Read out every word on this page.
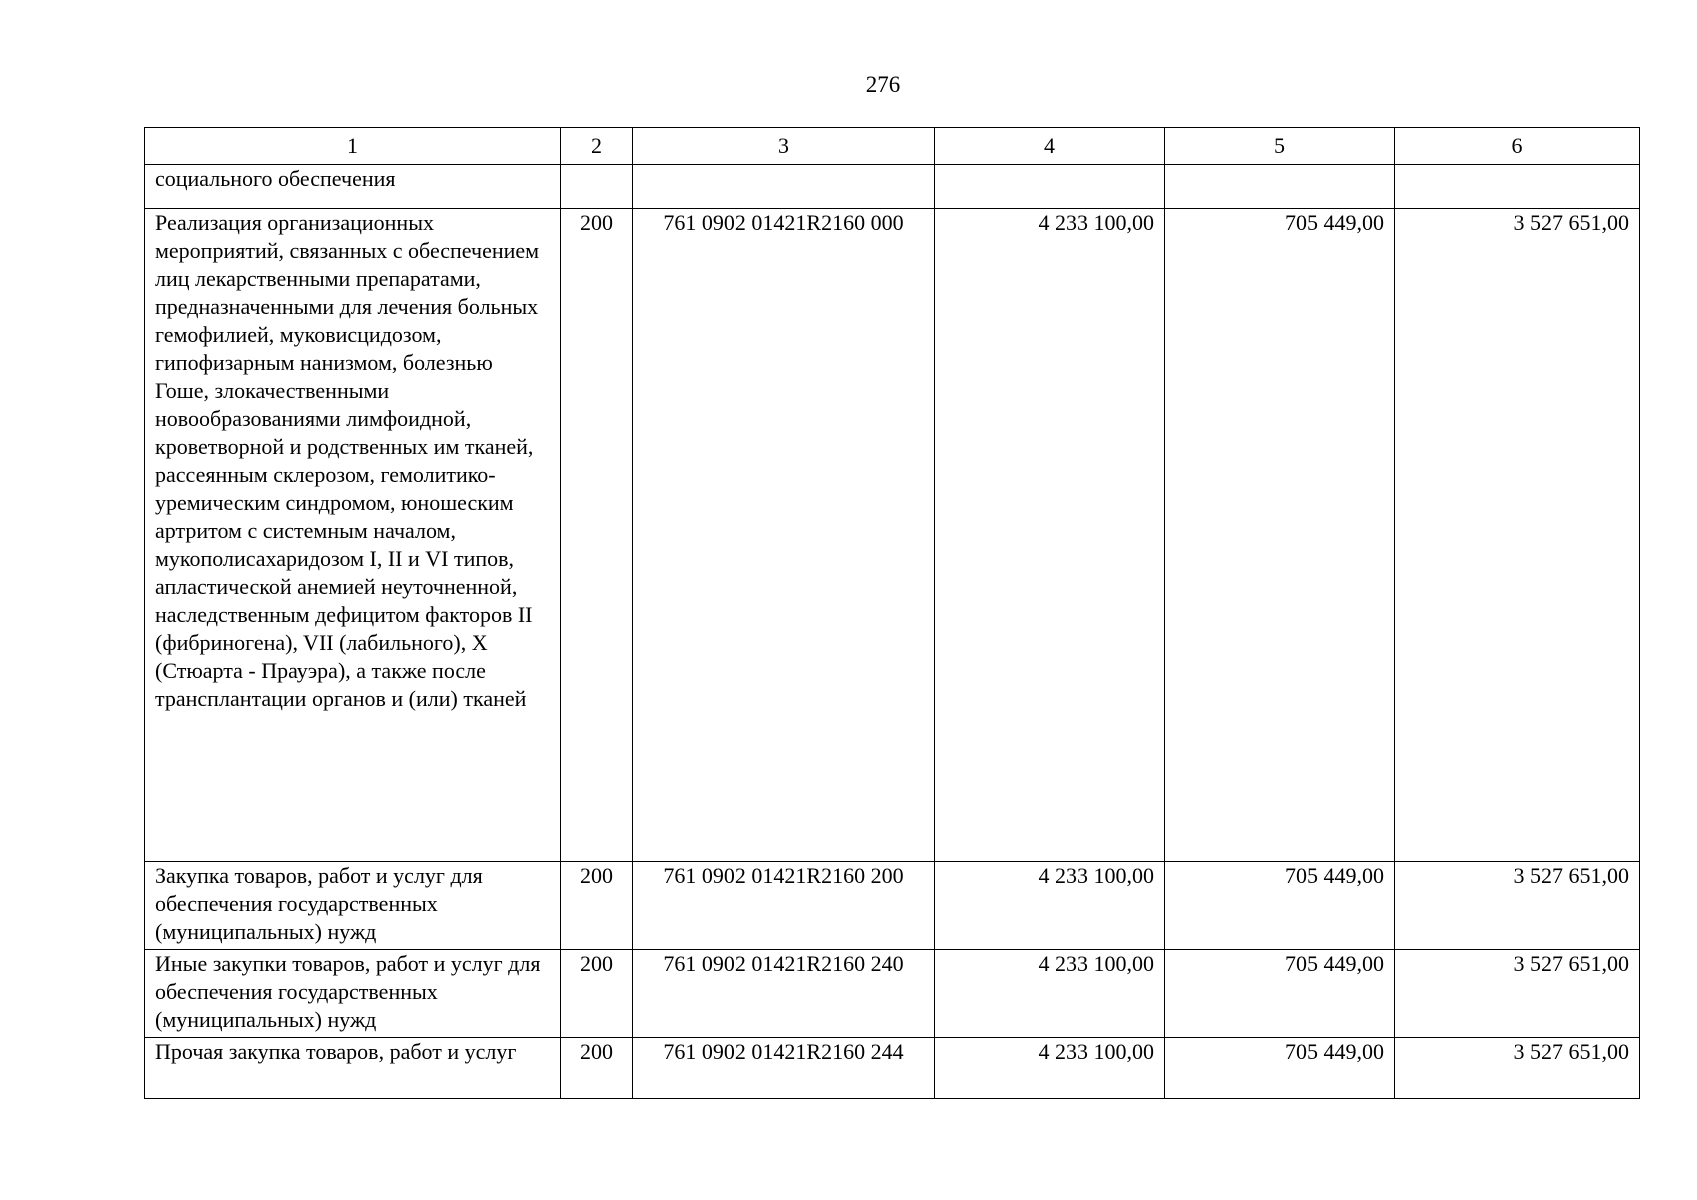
276
1	2	3	4	5	6
социального обеспечения					
Реализация организационных мероприятий, связанных с обеспечением лиц лекарственными препаратами, предназначенными для лечения больных гемофилией, муковисцидозом, гипофизарным нанизмом, болезнью Гоше, злокачественными новообразованиями лимфоидной, кроветворной и родственных им тканей, рассеянным склерозом, гемолитико-уремическим синдромом, юношеским артритом с системным началом, мукополисахаридозом I, II и VI типов, апластической анемией неуточненной, наследственным дефицитом факторов II (фибриногена), VII (лабильного), X (Стюарта - Прауэра), а также после трансплантации органов и (или) тканей	200	761 0902 01421R2160 000	4 233 100,00	705 449,00	3 527 651,00
Закупка товаров, работ и услуг для обеспечения государственных (муниципальных) нужд	200	761 0902 01421R2160 200	4 233 100,00	705 449,00	3 527 651,00
Иные закупки товаров, работ и услуг для обеспечения государственных (муниципальных) нужд	200	761 0902 01421R2160 240	4 233 100,00	705 449,00	3 527 651,00
Прочая закупка товаров, работ и услуг	200	761 0902 01421R2160 244	4 233 100,00	705 449,00	3 527 651,00
